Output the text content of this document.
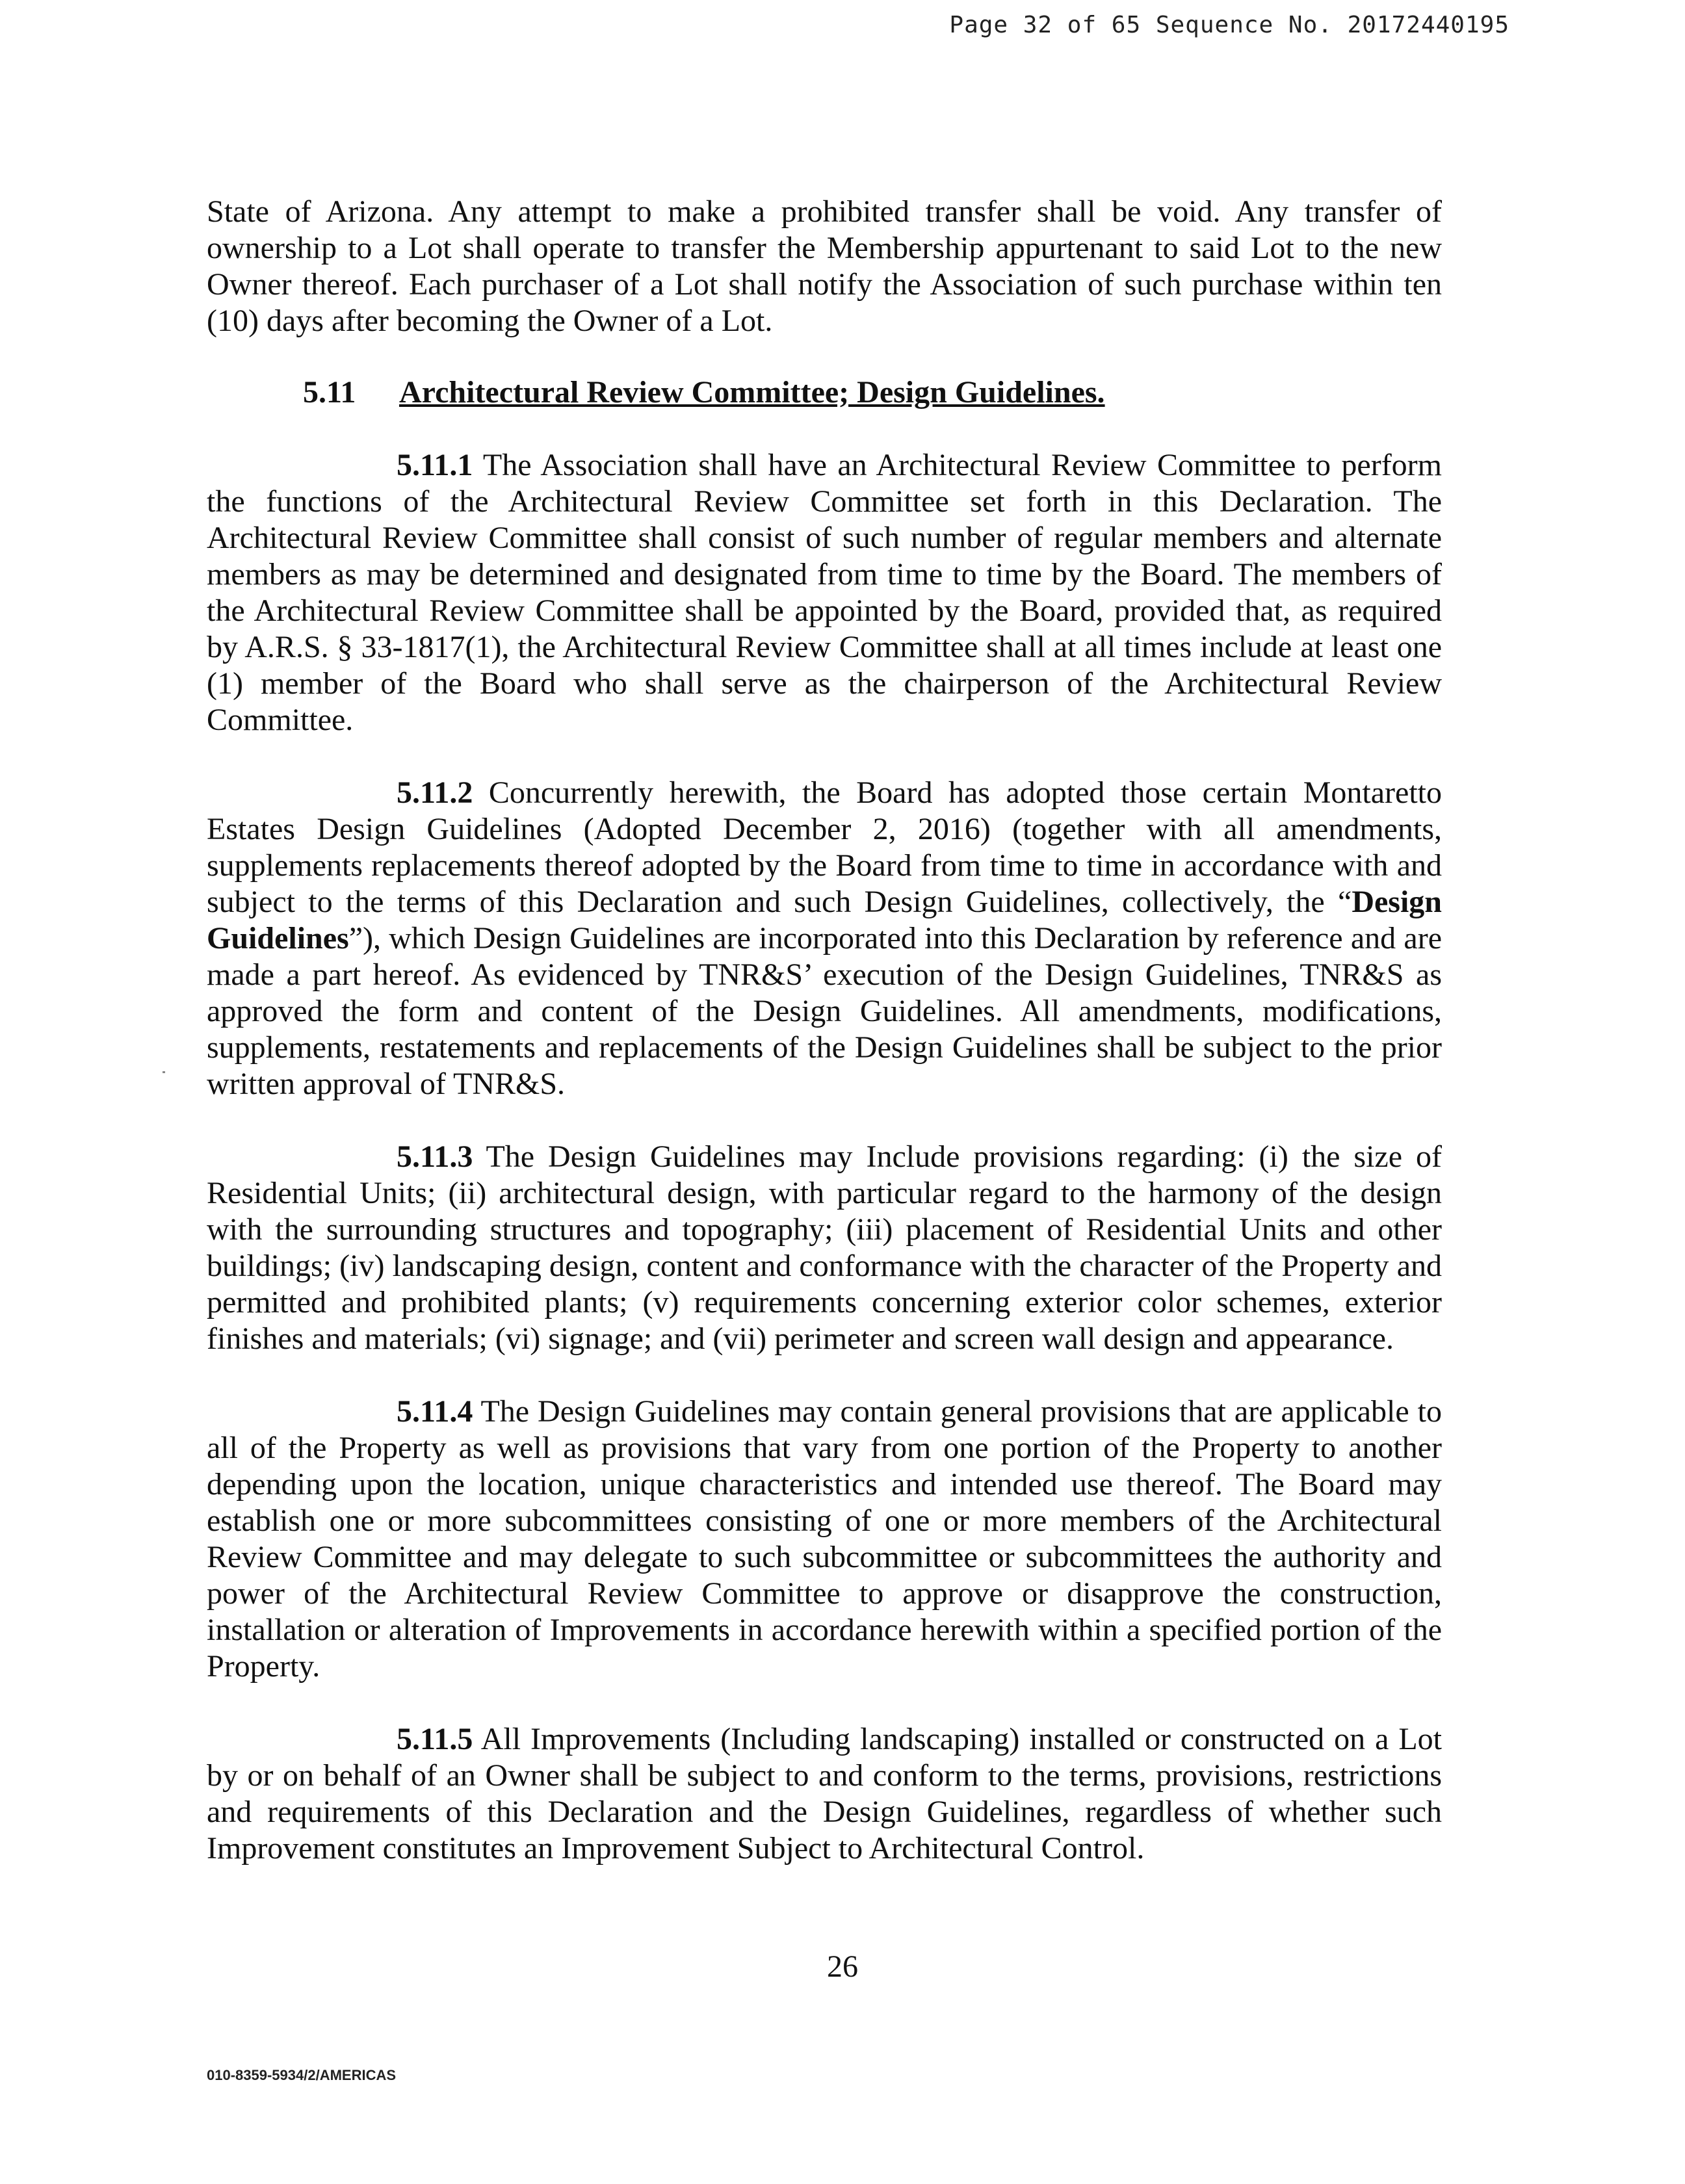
Page 32 of 65 Sequence No. 20172440195

State of Arizona. Any attempt to make a prohibited transfer shall be void. Any transfer of ownership to a Lot shall operate to transfer the Membership appurtenant to said Lot to the new Owner thereof. Each purchaser of a Lot shall notify the Association of such purchase within ten (10) days after becoming the Owner of a Lot.

5.11 Architectural Review Committee; Design Guidelines.

5.11.1 The Association shall have an Architectural Review Committee to perform the functions of the Architectural Review Committee set forth in this Declaration. The Architectural Review Committee shall consist of such number of regular members and alternate members as may be determined and designated from time to time by the Board. The members of the Architectural Review Committee shall be appointed by the Board, provided that, as required by A.R.S. § 33-1817(1), the Architectural Review Committee shall at all times include at least one (1) member of the Board who shall serve as the chairperson of the Architectural Review Committee.

5.11.2 Concurrently herewith, the Board has adopted those certain Montaretto Estates Design Guidelines (Adopted December 2, 2016) (together with all amendments, supplements replacements thereof adopted by the Board from time to time in accordance with and subject to the terms of this Declaration and such Design Guidelines, collectively, the “Design Guidelines”), which Design Guidelines are incorporated into this Declaration by reference and are made a part hereof. As evidenced by TNR&S’ execution of the Design Guidelines, TNR&S as approved the form and content of the Design Guidelines. All amendments, modifications, supplements, restatements and replacements of the Design Guidelines shall be subject to the prior written approval of TNR&S.

5.11.3 The Design Guidelines may Include provisions regarding: (i) the size of Residential Units; (ii) architectural design, with particular regard to the harmony of the design with the surrounding structures and topography; (iii) placement of Residential Units and other buildings; (iv) landscaping design, content and conformance with the character of the Property and permitted and prohibited plants; (v) requirements concerning exterior color schemes, exterior finishes and materials; (vi) signage; and (vii) perimeter and screen wall design and appearance.

5.11.4 The Design Guidelines may contain general provisions that are applicable to all of the Property as well as provisions that vary from one portion of the Property to another depending upon the location, unique characteristics and intended use thereof. The Board may establish one or more subcommittees consisting of one or more members of the Architectural Review Committee and may delegate to such subcommittee or subcommittees the authority and power of the Architectural Review Committee to approve or disapprove the construction, installation or alteration of Improvements in accordance herewith within a specified portion of the Property.

5.11.5 All Improvements (Including landscaping) installed or constructed on a Lot by or on behalf of an Owner shall be subject to and conform to the terms, provisions, restrictions and requirements of this Declaration and the Design Guidelines, regardless of whether such Improvement constitutes an Improvement Subject to Architectural Control.

26
010-8359-5934/2/AMERICAS
